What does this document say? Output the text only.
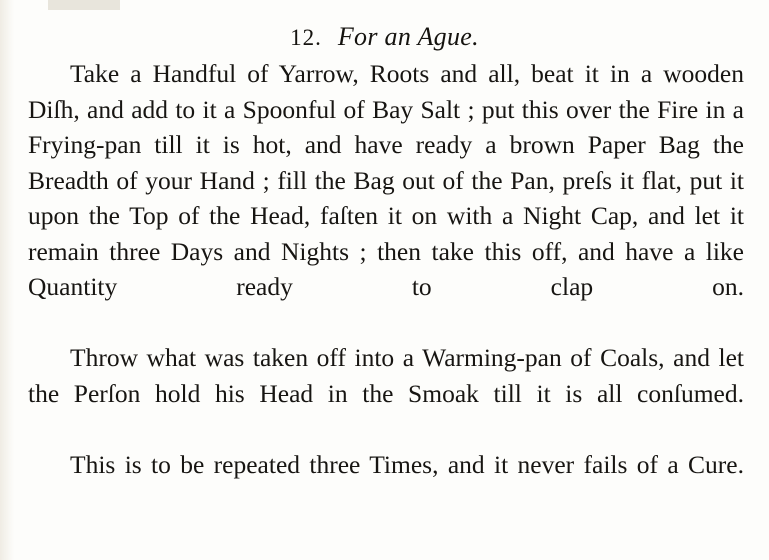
12. For an Ague.

Take a Handful of Yarrow, Roots and all, beat it in a wooden Diſh, and add to it a Spoonful of Bay Salt ; put this over the Fire in a Frying-pan till it is hot, and have ready a brown Paper Bag the Breadth of your Hand ; fill the Bag out of the Pan, preſs it flat, put it upon the Top of the Head, faſten it on with a Night Cap, and let it remain three Days and Nights ; then take this off, and have a like Quantity ready to clap on.

Throw what was taken off into a Warming-pan of Coals, and let the Perſon hold his Head in the Smoak till it is all conſumed.

This is to be repeated three Times, and it never fails of a Cure.
